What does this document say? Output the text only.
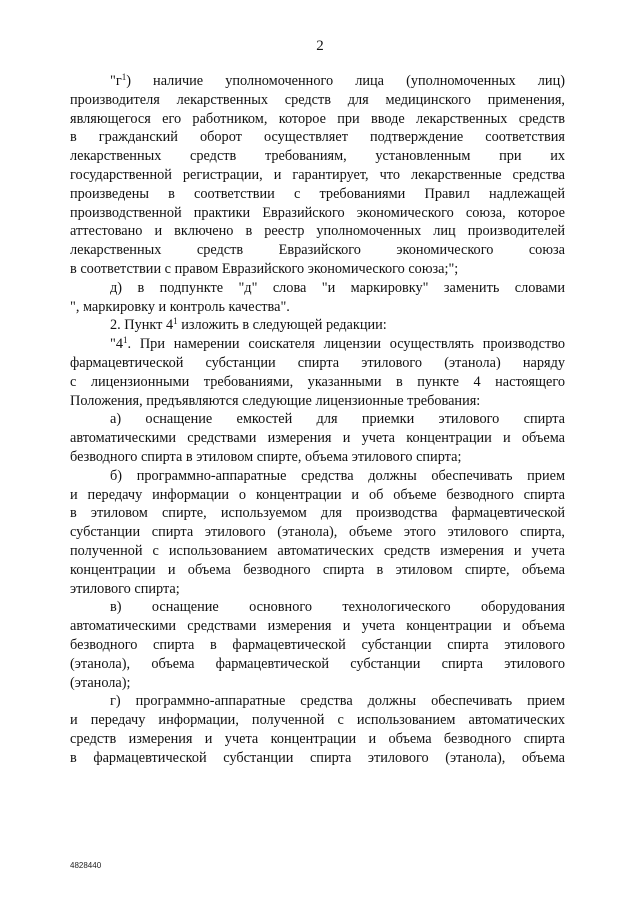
2
"$г^1$) наличие уполномоченного лица (уполномоченных лиц)
производителя лекарственных средств для медицинского применения,
являющегося его работником, которое при вводе лекарственных средств
в гражданский оборот осуществляет подтверждение соответствия
лекарственных средств требованиям, установленным при их
государственной регистрации, и гарантирует, что лекарственные средства
произведены в соответствии с требованиями Правил надлежащей
производственной практики Евразийского экономического союза, которое
аттестовано и включено в реестр уполномоченных лиц производителей
лекарственных средств Евразийского экономического союза
в соответствии с правом Евразийского экономического союза;";
д) в подпункте "д" слова "и маркировку" заменить словами
", маркировку и контроль качества".
2. Пункт $4^1$ изложить в следующей редакции:
"$4^1$. При намерении соискателя лицензии осуществлять производство
фармацевтической субстанции спирта этилового (этанола) наряду
с лицензионными требованиями, указанными в пункте 4 настоящего
Положения, предъявляются следующие лицензионные требования:
а) оснащение емкостей для приемки этилового спирта
автоматическими средствами измерения и учета концентрации и объема
безводного спирта в этиловом спирте, объема этилового спирта;
б) программно-аппаратные средства должны обеспечивать прием
и передачу информации о концентрации и об объеме безводного спирта
в этиловом спирте, используемом для производства фармацевтической
субстанции спирта этилового (этанола), объеме этого этилового спирта,
полученной с использованием автоматических средств измерения и учета
концентрации и объема безводного спирта в этиловом спирте, объема
этилового спирта;
в) оснащение основного технологического оборудования
автоматическими средствами измерения и учета концентрации и объема
безводного спирта в фармацевтической субстанции спирта этилового
(этанола), объема фармацевтической субстанции спирта этилового
(этанола);
г) программно-аппаратные средства должны обеспечивать прием
и передачу информации, полученной с использованием автоматических
средств измерения и учета концентрации и объема безводного спирта
в фармацевтической субстанции спирта этилового (этанола), объема
4828440
